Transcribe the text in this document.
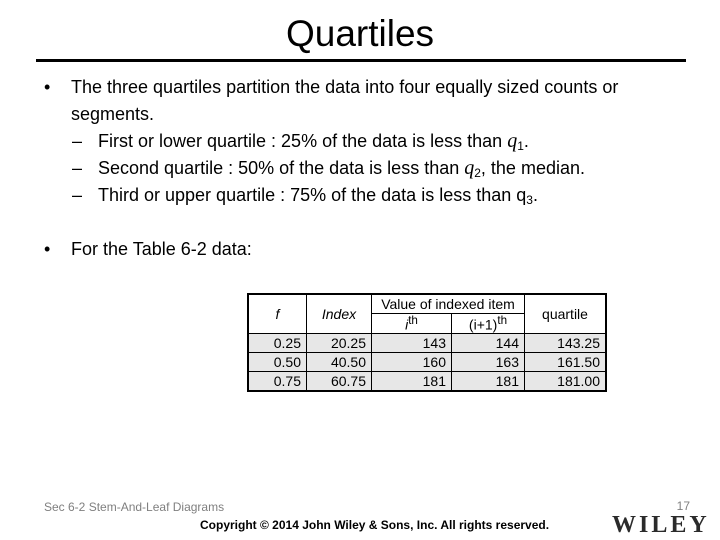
Quartiles
• The three quartiles partition the data into four equally sized counts or segments.
– First or lower quartile : 25% of the data is less than $q_1$.
– Second quartile : 50% of the data is less than $q_2$, the median.
– Third or upper quartile : 75% of the data is less than $q_3$.
• For the Table 6-2 data:
f	Index	Value of indexed item		quartile
		$i^{th}$	$(i+1)^{th}$
0.25	20.25	143	144	143.25
0.50	40.50	160	163	161.50
0.75	60.75	181	181	181.00
Sec 6-2 Stem-And-Leaf Diagrams	17
Copyright © 2014 John Wiley & Sons, Inc. All rights reserved.	WILEY
